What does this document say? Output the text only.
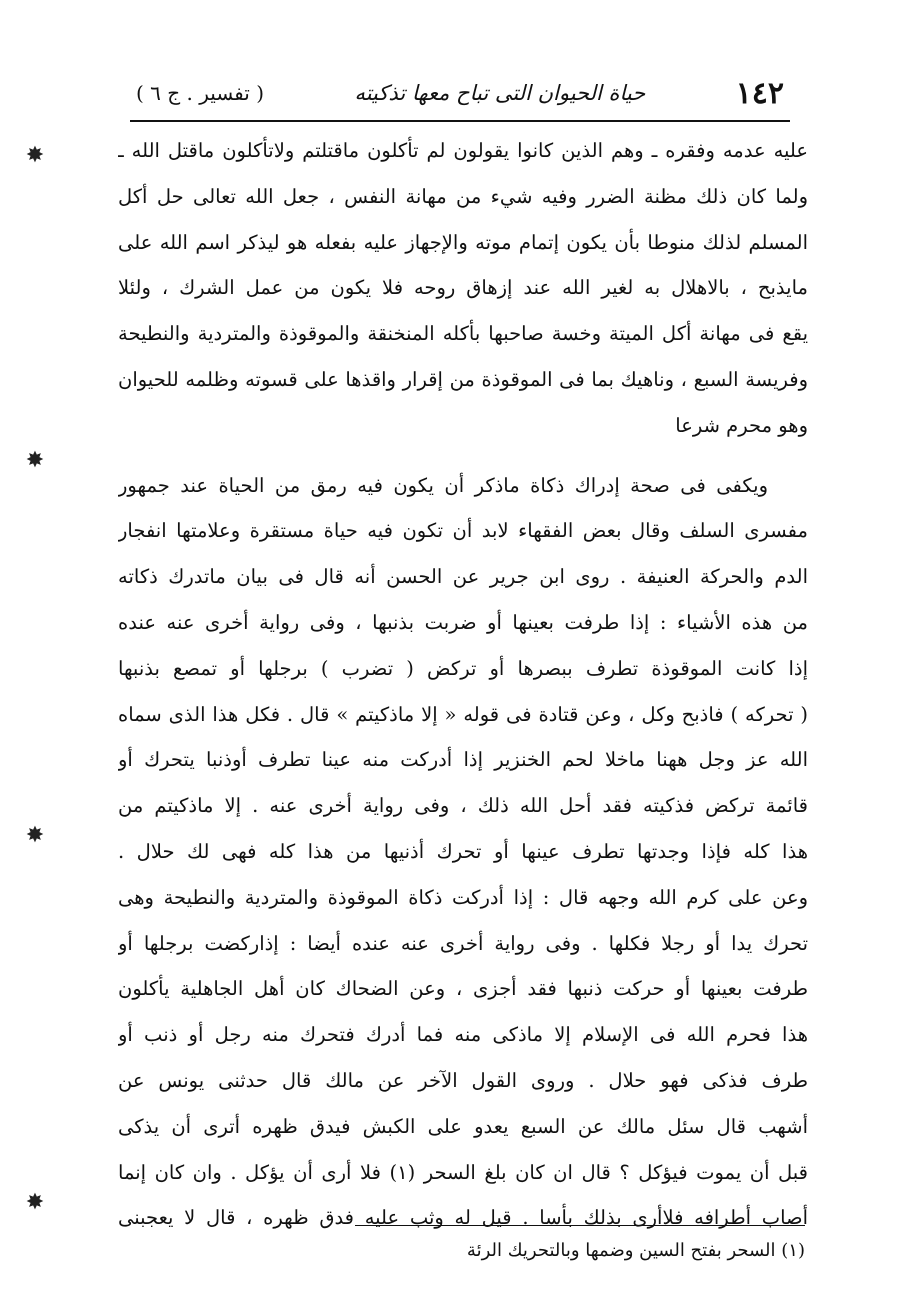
١٤٢
حياة الحيوان التى تباح معها تذكيته
( تفسير . ج ٦ )
عليه عدمه وفقره ـ وهم الذين كانوا يقولون لم تأكلون ماقتلتم ولاتأكلون ماقتل الله ـ
ولما كان ذلك مظنة الضرر وفيه شيء من مهانة النفس ، جعل الله تعالى حل أكل
المسلم لذلك منوطا بأن يكون إتمام موته والإجهاز عليه بفعله هو ليذكر اسم الله على
مايذبح ، بالاهلال به لغير الله عند إزهاق روحه فلا يكون من عمل الشرك ، ولئلا
يقع فى مهانة أكل الميتة وخسة صاحبها بأكله المنخنقة والموقوذة والمتردية والنطيحة
وفريسة السبع ، وناهيك بما فى الموقوذة من إقرار واقذها على قسوته وظلمه للحيوان
وهو محرم شرعا
ويكفى فى صحة إدراك ذكاة ماذكر أن يكون فيه رمق من الحياة عند جمهور
مفسرى السلف وقال بعض الفقهاء لابد أن تكون فيه حياة مستقرة وعلامتها انفجار
الدم والحركة العنيفة . روى ابن جرير عن الحسن أنه قال فى بيان ماتدرك ذكاته
من هذه الأشياء : إذا طرفت بعينها أو ضربت بذنبها ، وفى رواية أخرى عنه عنده
إذا كانت الموقوذة تطرف ببصرها أو تركض ( تضرب ) برجلها أو تمصع بذنبها
( تحركه ) فاذبح وكل ، وعن قتادة فى قوله « إلا ماذكيتم » قال . فكل هذا الذى سماه
الله عز وجل ههنا ماخلا لحم الخنزير إذا أدركت منه عينا تطرف أوذنبا يتحرك أو
قائمة تركض فذكيته فقد أحل الله ذلك ، وفى رواية أخرى عنه . إلا ماذكيتم من
هذا كله فإذا وجدتها تطرف عينها أو تحرك أذنيها من هذا كله فهى لك حلال .
وعن على كرم الله وجهه قال : إذا أدركت ذكاة الموقوذة والمتردية والنطيحة وهى
تحرك يدا أو رجلا فكلها . وفى رواية أخرى عنه عنده أيضا : إذاركضت برجلها أو
طرفت بعينها أو حركت ذنبها فقد أجزى ، وعن الضحاك كان أهل الجاهلية يأكلون
هذا فحرم الله فى الإسلام إلا ماذكى منه فما أدرك فتحرك منه رجل أو ذنب أو
طرف فذكى فهو حلال . وروى القول الآخر عن مالك قال حدثنى يونس عن
أشهب قال سئل مالك عن السبع يعدو على الكبش فيدق ظهره أترى أن يذكى
قبل أن يموت فيؤكل ؟ قال ان كان بلغ السحر (١) فلا أرى أن يؤكل . وان كان إنما
أصاب أطرافه فلاأرى بذلك بأسا . قيل له وثب عليه فدق ظهره ، قال لا يعجبنى
(١) السحر بفتح السين وضمها وبالتحريك الرئة
✸
✸
✸
✸
